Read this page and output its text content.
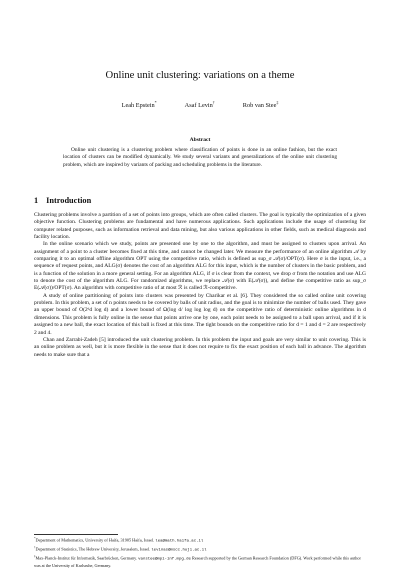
Online unit clustering: variations on a theme
Leah Epstein*	Asaf Levin†	Rob van Stee‡
Abstract

Online unit clustering is a clustering problem where classification of points is done in an online fashion, but the exact location of clusters can be modified dynamically. We study several variants and generalizations of the online unit clustering problem, which are inspired by variants of packing and scheduling problems in the literature.

1 Introduction

Clustering problems involve a partition of a set of points into groups, which are often called clusters. The goal is typically the optimization of a given objective function. Clustering problems are fundamental and have numerous applications. Such applications include the usage of clustering for computer related purposes, such as information retrieval and data mining, but also various applications in other fields, such as medical diagnosis and facility location.

In the online scenario which we study, points are presented one by one to the algorithm, and must be assigned to clusters upon arrival. An assignment of a point to a cluster becomes fixed at this time, and cannot be changed later. We measure the performance of an online algorithm 𝒜 by comparing it to an optimal offline algorithm OPT using the competitive ratio, which is defined as sup_σ 𝒜(σ)/OPT(σ). Here σ is the input, i.e., a sequence of request points, and ALG(σ) denotes the cost of an algorithm ALG for this input, which is the number of clusters in the basic problem, and is a function of the solution in a more general setting. For an algorithm ALG, if σ is clear from the context, we drop σ from the notation and use ALG to denote the cost of the algorithm ALG. For randomized algorithms, we replace 𝒜(σ) with E(𝒜(σ)), and define the competitive ratio as sup_σ E(𝒜(σ))/OPT(σ). An algorithm with competitive ratio of at most ℛ is called ℛ-competitive.

A study of online partitioning of points into clusters was presented by Charikar et al. [6]. They considered the so called online unit covering problem. In this problem, a set of n points needs to be covered by balls of unit radius, and the goal is to minimize the number of balls used. They gave an upper bound of O(2ᵈd log d) and a lower bound of Ω(log d/ log log log d) on the competitive ratio of deterministic online algorithms in d dimensions. This problem is fully online in the sense that points arrive one by one, each point needs to be assigned to a ball upon arrival, and if it is assigned to a new ball, the exact location of this ball is fixed at this time. The tight bounds on the competitive ratio for d = 1 and d = 2 are respectively 2 and 4.

Chan and Zarrabi-Zadeh [5] introduced the unit clustering problem. In this problem the input and goals are very similar to unit covering. This is an online problem as well, but it is more flexible in the sense that it does not require to fix the exact position of each ball in advance. The algorithm needs to make sure that a

*Department of Mathematics, University of Haifa, 31905 Haifa, Israel. lea@math.haifa.ac.il

†Department of Statistics, The Hebrew University, Jerusalem, Israel. levinas@mscc.huji.ac.il

‡Max-Planck-Institut für Informatik, Saarbrücken, Germany. vanstee@mpi-inf.mpg.de Research supported by the German Research Foundation (DFG). Work performed while this author was at the University of Karlsruhe, Germany.
